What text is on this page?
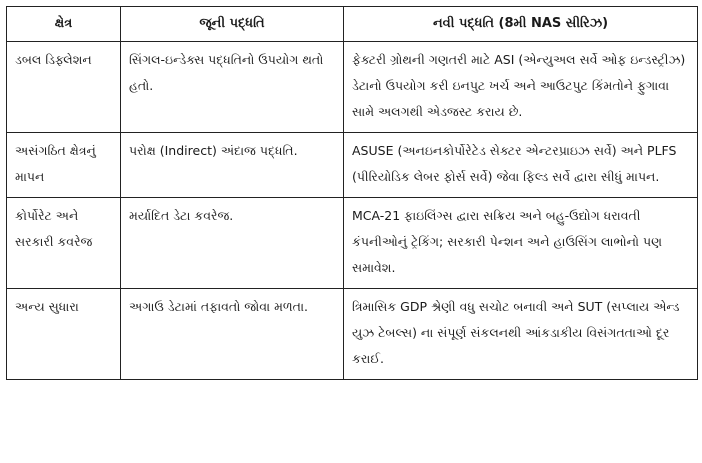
ક્ષેત્ર	જૂની પદ્ધતિ	નવી પદ્ધતિ (8મી NAS સીરિઝ)
ડબલ ડિફ્લેશન	સિંગલ-ઇન્ડેક્સ પદ્ધતિનો ઉપયોગ થતો હતો.	ફેક્ટરી ગ્રોથની ગણતરી માટે ASI (એન્યુઅલ સર્વે ઓફ ઇન્ડસ્ટ્રીઝ) ડેટાનો ઉપયોગ કરી ઇનપુટ ખર્ચ અને આઉટપુટ કિંમતોને ફુગાવા સામે અલગથી એડજસ્ટ કરાય છે.
અસંગઠિત ક્ષેત્રનું માપન	પરોક્ષ (Indirect) અંદાજ પદ્ધતિ.	ASUSE (અનઇનકોર્પોરેટેડ સેક્ટર એન્ટરપ્રાઇઝ સર્વે) અને PLFS (પીરિયોડિક લેબર ફોર્સ સર્વે) જેવા ફિલ્ડ સર્વે દ્વારા સીધું માપન.
કોર્પોરેટ અને સરકારી કવરેજ	મર્યાદિત ડેટા કવરેજ.	MCA-21 ફાઇલિંગ્સ દ્વારા સક્રિય અને બહુ-ઉદ્યોગ ધરાવતી કંપનીઓનું ટ્રેકિંગ; સરકારી પેન્શન અને હાઉસિંગ લાભોનો પણ સમાવેશ.
અન્ય સુધારા	અગાઉ ડેટામાં તફાવતો જોવા મળતા.	ત્રિમાસિક GDP શ્રેણી વધુ સચોટ બનાવી અને SUT (સપ્લાય એન્ડ યુઝ ટેબલ્સ) ના સંપૂર્ણ સંકલનથી આંકડાકીય વિસંગતતાઓ દૂર કરાઈ.
